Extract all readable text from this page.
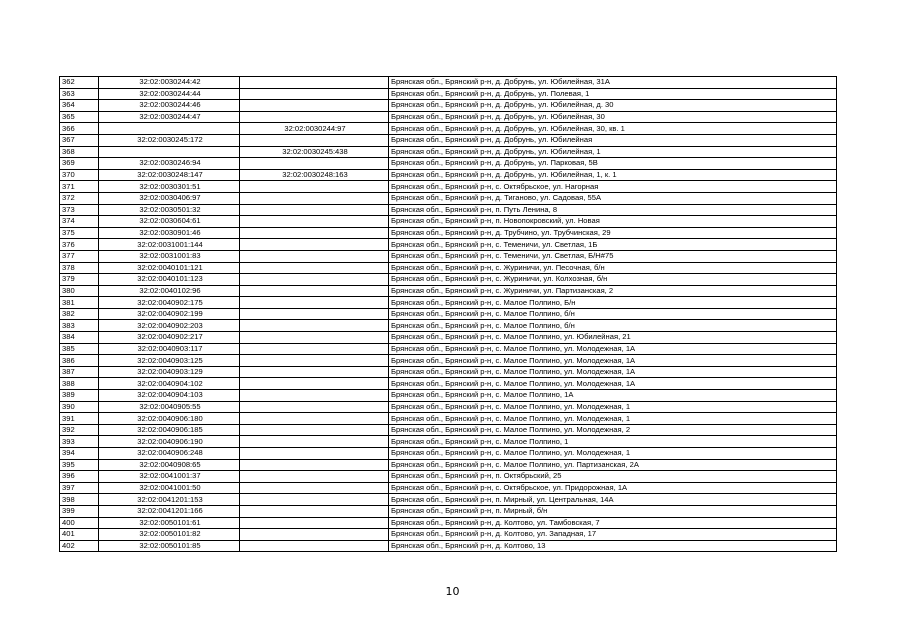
362	32:02:0030244:42		Брянская обл., Брянский р-н, д. Добрунь, ул. Юбилейная, 31А
363	32:02:0030244:44		Брянская обл., Брянский р-н, д. Добрунь, ул. Полевая, 1
364	32:02:0030244:46		Брянская обл., Брянский р-н, д. Добрунь, ул. Юбилейная, д. 30
365	32:02:0030244:47		Брянская обл., Брянский р-н, д. Добрунь, ул. Юбилейная, 30
366		32:02:0030244:97	Брянская обл., Брянский р-н, д. Добрунь, ул. Юбилейная, 30, кв. 1
367	32:02:0030245:172		Брянская обл., Брянский р-н, д. Добрунь, ул. Юбилейная
368		32:02:0030245:438	Брянская обл., Брянский р-н, д. Добрунь, ул. Юбилейная, 1
369	32:02:0030246:94		Брянская обл., Брянский р-н, д. Добрунь, ул. Парковая, 5В
370	32:02:0030248:147	32:02:0030248:163	Брянская обл., Брянский р-н, д. Добрунь, ул. Юбилейная, 1, к. 1
371	32:02:0030301:51		Брянская обл., Брянский р-н, с. Октябрьское, ул. Нагорная
372	32:02:0030406:97		Брянская обл., Брянский р-н, д. Тиганово, ул. Садовая, 55А
373	32:02:0030501:32		Брянская обл., Брянский р-н, п. Путь Ленина, 8
374	32:02:0030604:61		Брянская обл., Брянский р-н, п. Новопокровский, ул. Новая
375	32:02:0030901:46		Брянская обл., Брянский р-н, д. Трубчино, ул. Трубчинская, 29
376	32:02:0031001:144		Брянская обл., Брянский р-н, с. Теменичи, ул. Светлая, 1Б
377	32:02:0031001:83		Брянская обл., Брянский р-н, с. Теменичи, ул. Светлая, Б/Н#75
378	32:02:0040101:121		Брянская обл., Брянский р-н, с. Журиничи, ул. Песочная, б/н
379	32:02:0040101:123		Брянская обл., Брянский р-н, с. Журиничи, ул. Колхозная, б/н
380	32:02:0040102:96		Брянская обл., Брянский р-н, с. Журиничи, ул. Партизанская, 2
381	32:02:0040902:175		Брянская обл., Брянский р-н, с. Малое Полпино, Б/н
382	32:02:0040902:199		Брянская обл., Брянский р-н, с. Малое Полпино, б/н
383	32:02:0040902:203		Брянская обл., Брянский р-н, с. Малое Полпино, б/н
384	32:02:0040902:217		Брянская обл., Брянский р-н, с. Малое Полпино, ул. Юбилейная, 21
385	32:02:0040903:117		Брянская обл., Брянский р-н, с. Малое Полпино, ул. Молодежная, 1А
386	32:02:0040903:125		Брянская обл., Брянский р-н, с. Малое Полпино, ул. Молодежная, 1А
387	32:02:0040903:129		Брянская обл., Брянский р-н, с. Малое Полпино, ул. Молодежная, 1А
388	32:02:0040904:102		Брянская обл., Брянский р-н, с. Малое Полпино, ул. Молодежная, 1А
389	32:02:0040904:103		Брянская обл., Брянский р-н, с. Малое Полпино, 1А
390	32:02:0040905:55		Брянская обл., Брянский р-н, с. Малое Полпино, ул. Молодежная, 1
391	32:02:0040906:180		Брянская обл., Брянский р-н, с. Малое Полпино, ул. Молодежная, 1
392	32:02:0040906:185		Брянская обл., Брянский р-н, с. Малое Полпино, ул. Молодежная, 2
393	32:02:0040906:190		Брянская обл., Брянский р-н, с. Малое Полпино, 1
394	32:02:0040906:248		Брянская обл., Брянский р-н, с. Малое Полпино, ул. Молодежная, 1
395	32:02:0040908:65		Брянская обл., Брянский р-н, с. Малое Полпино, ул. Партизанская, 2А
396	32:02:0041001:37		Брянская обл., Брянский р-н, п. Октябрьский, 25
397	32:02:0041001:50		Брянская обл., Брянский р-н, с. Октябрьское, ул. Придорожная, 1А
398	32:02:0041201:153		Брянская обл., Брянский р-н, п. Мирный, ул. Центральная, 14А
399	32:02:0041201:166		Брянская обл., Брянский р-н, п. Мирный, б/н
400	32:02:0050101:61		Брянская обл., Брянский р-н, д. Колтово, ул. Тамбовская, 7
401	32:02:0050101:82		Брянская обл., Брянский р-н, д. Колтово, ул. Западная, 17
402	32:02:0050101:85		Брянская обл., Брянский р-н, д. Колтово, 13
10
